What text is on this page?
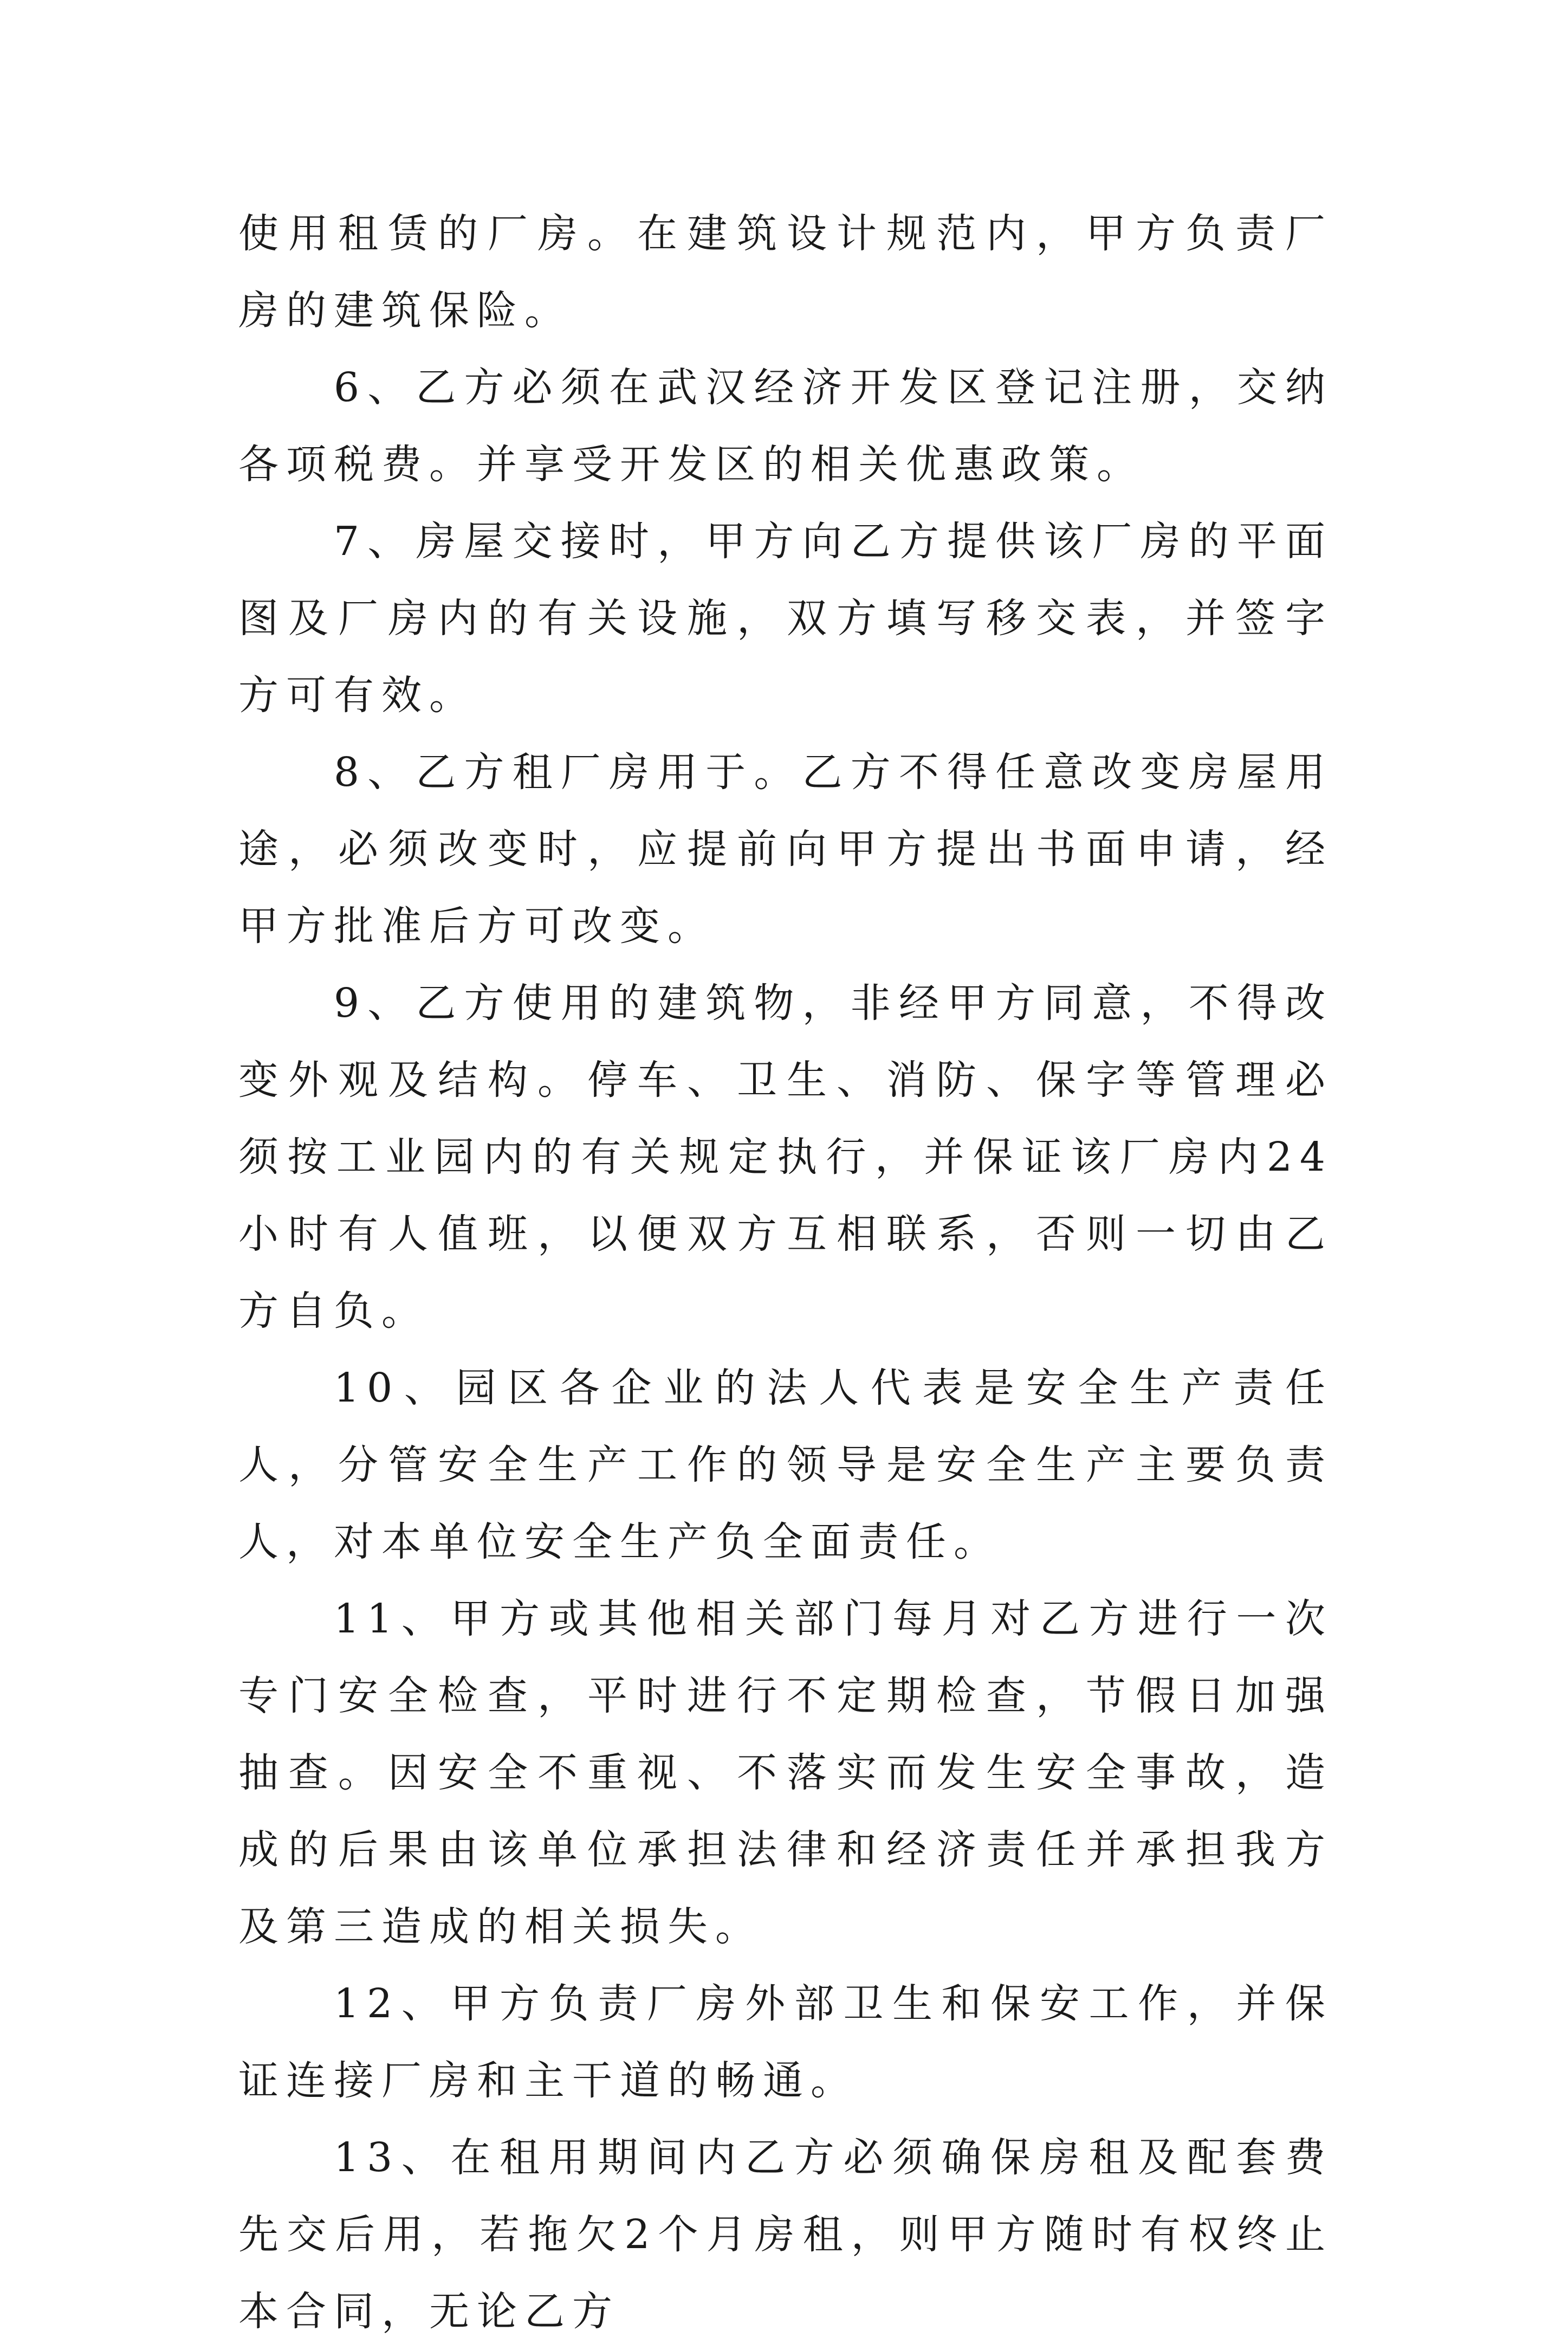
使用租赁的厂房。在建筑设计规范内，甲方负责厂房的建筑保险。

6、乙方必须在武汉经济开发区登记注册，交纳各项税费。并享受开发区的相关优惠政策。

7、房屋交接时，甲方向乙方提供该厂房的平面图及厂房内的有关设施，双方填写移交表，并签字方可有效。

8、乙方租厂房用于。乙方不得任意改变房屋用途，必须改变时，应提前向甲方提出书面申请，经甲方批准后方可改变。

9、乙方使用的建筑物，非经甲方同意，不得改变外观及结构。停车、卫生、消防、保字等管理必须按工业园内的有关规定执行，并保证该厂房内24小时有人值班，以便双方互相联系，否则一切由乙方自负。

10、园区各企业的法人代表是安全生产责任人，分管安全生产工作的领导是安全生产主要负责人，对本单位安全生产负全面责任。

11、甲方或其他相关部门每月对乙方进行一次专门安全检查，平时进行不定期检查，节假日加强抽查。因安全不重视、不落实而发生安全事故，造成的后果由该单位承担法律和经济责任并承担我方及第三造成的相关损失。

12、甲方负责厂房外部卫生和保安工作，并保证连接厂房和主干道的畅通。

13、在租用期间内乙方必须确保房租及配套费先交后用，若拖欠2个月房租，则甲方随时有权终止本合同，无论乙方
